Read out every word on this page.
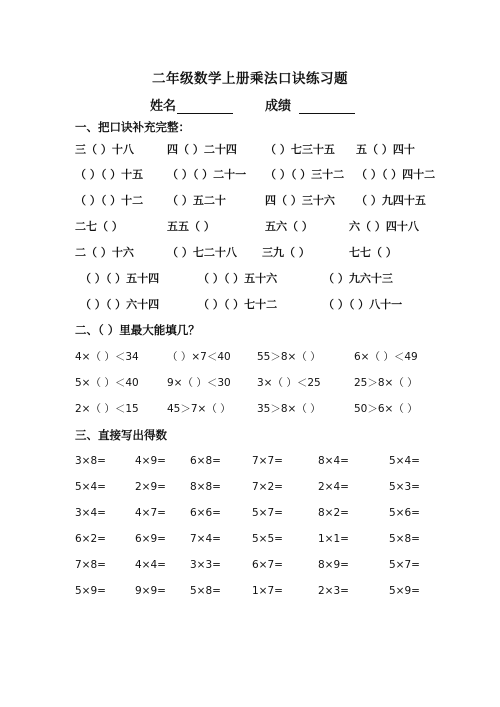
二年级数学上册乘法口诀练习题
姓名	成绩
一、把口诀补充完整：
三（ ）十八	四（ ）二十四	（ ）七三十五 五（ ）四十
（ ）（ ）十五 （ ）（ ）二十一 （ ）（ ）三十二 （ ）（ ）四十二
（ ）（ ）十二 （ ）五二十	四（ ）三十六 （ ）九四十五
二七（ ）	五五（ ）	五六（ ）	六（ ）四十八
二（ ）十六	（ ）七二十八 三九（ ）	七七（ ）
（ ）（ ）五十四	（ ）（ ）五十六	（ ）九六十三
（ ）（ ）六十四	（ ）（ ）七十二	（ ）（ ）八十一
二、（ ）里最大能填几？
4×（ ）＜34	（ ）×7＜40	55＞8×（ ）	6×（ ）＜49
5×（ ）＜40	9×（ ）＜30	3×（ ）＜25	25＞8×（ ）
2×（ ）＜15	45＞7×（ ）	35＞8×（ ）	50＞6×（ ）
三、直接写出得数
3×8=	4×9= 6×8=	7×7=	8×4=	5×4=
5×4=	2×9= 8×8=	7×2=	2×4=	5×3=
3×4=	4×7= 6×6=	5×7=	8×2=	5×6=
6×2=	6×9= 7×4=	5×5=	1×1=	5×8=
7×8=	4×4= 3×3=	6×7=	8×9=	5×7=
5×9=	9×9= 5×8=	1×7=	2×3=	5×9=
